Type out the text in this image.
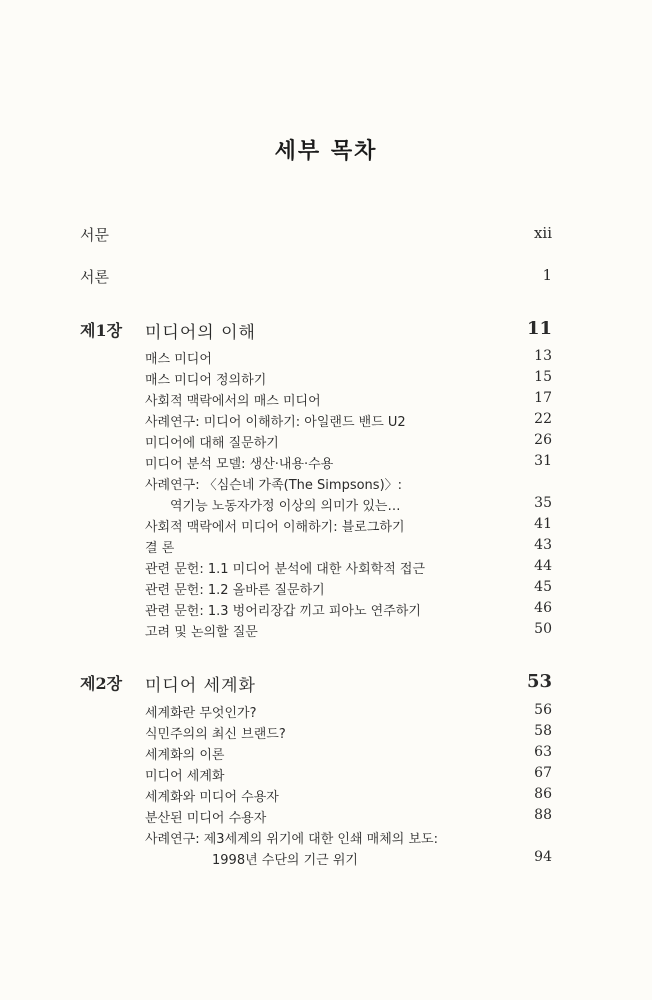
세부 목차
서문	xii
서론	1
제1장 미디어의 이해	11
매스 미디어	13
매스 미디어 정의하기	15
사회적 맥락에서의 매스 미디어	17
사례연구: 미디어 이해하기: 아일랜드 밴드 U2	22
미디어에 대해 질문하기	26
미디어 분석 모델: 생산·내용·수용	31
사례연구: 〈심슨네 가족(The Simpsons)〉:
역기능 노동자가정 이상의 의미가 있는…	35
사회적 맥락에서 미디어 이해하기: 블로그하기	41
결 론	43
관련 문헌: 1.1 미디어 분석에 대한 사회학적 접근	44
관련 문헌: 1.2 올바른 질문하기	45
관련 문헌: 1.3 벙어리장갑 끼고 피아노 연주하기	46
고려 및 논의할 질문	50
제2장 미디어 세계화	53
세계화란 무엇인가?	56
식민주의의 최신 브랜드?	58
세계화의 이론	63
미디어 세계화	67
세계화와 미디어 수용자	86
분산된 미디어 수용자	88
사례연구: 제3세계의 위기에 대한 인쇄 매체의 보도:
1998년 수단의 기근 위기	94
